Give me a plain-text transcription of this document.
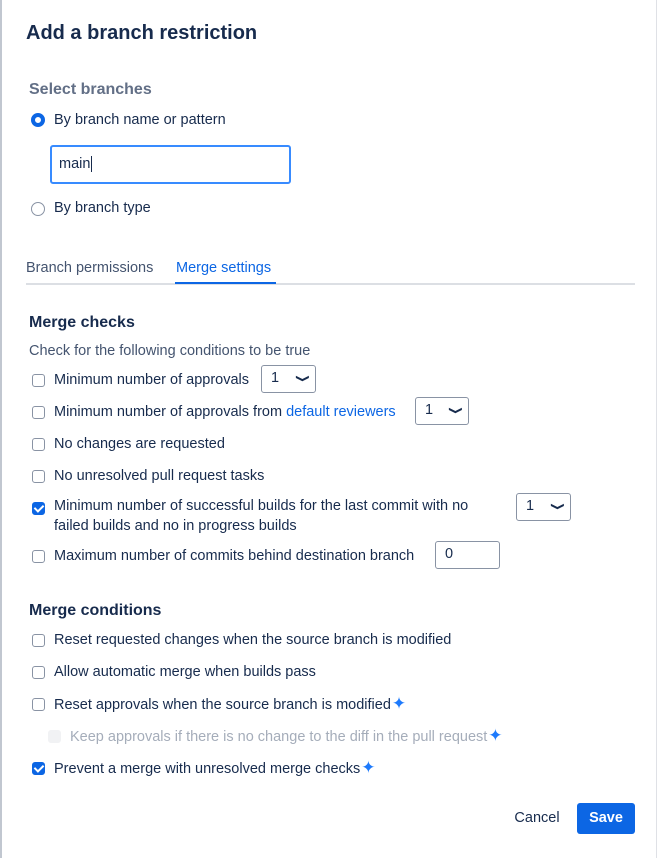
Add a branch restriction
Select branches
By branch name or pattern
main
By branch type
Branch permissions Merge settings
Merge checks
Check for the following conditions to be true
Minimum number of approvals	1	❯
Minimum number of approvals from default reviewers	1	❯
No changes are requested
No unresolved pull request tasks
Minimum number of successful builds for the last commit with no
failed builds and no in progress builds
1	❯
Maximum number of commits behind destination branch	0
Merge conditions
Reset requested changes when the source branch is modified
Allow automatic merge when builds pass
Reset approvals when the source branch is modified✦
Keep approvals if there is no change to the diff in the pull request✦
Prevent a merge with unresolved merge checks✦
Cancel	Save
